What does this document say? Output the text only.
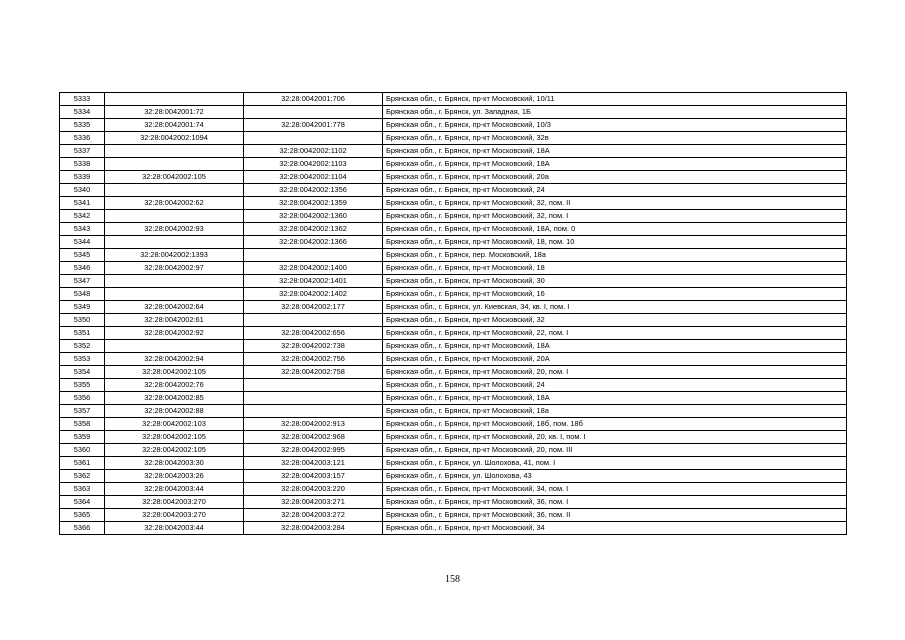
5333		32:28:0042001:706	Брянская обл., г. Брянск, пр-кт Московский, 10/11
5334	32:28:0042001:72		Брянская обл., г. Брянск, ул. Западная, 1Б
5335	32:28:0042001:74	32:28:0042001:778	Брянская обл., г. Брянск, пр-кт Московский, 10/3
5336	32:28:0042002:1094		Брянская обл., г. Брянск, пр-кт Московский, 32в
5337		32:28:0042002:1102	Брянская обл., г. Брянск, пр-кт Московский, 18А
5338		32:28:0042002:1103	Брянская обл., г. Брянск, пр-кт Московский, 18А
5339	32:28:0042002:105	32:28:0042002:1104	Брянская обл., г. Брянск, пр-кт Московский, 20а
5340		32:28:0042002:1356	Брянская обл., г. Брянск, пр-кт Московский, 24
5341	32:28:0042002:62	32:28:0042002:1359	Брянская обл., г. Брянск, пр-кт Московский, 32, пом. II
5342		32:28:0042002:1360	Брянская обл., г. Брянск, пр-кт Московский, 32, пом. I
5343	32:28:0042002:93	32:28:0042002:1362	Брянская обл., г. Брянск, пр-кт Московский, 18А, пом. 0
5344		32:28:0042002:1366	Брянская обл., г. Брянск, пр-кт Московский, 18, пом. 10
5345	32:28:0042002:1393		Брянская обл., г. Брянск, пер. Московский, 18а
5346	32:28:0042002:97	32:28:0042002:1400	Брянская обл., г. Брянск, пр-кт Московский, 18
5347		32:28:0042002:1401	Брянская обл., г. Брянск, пр-кт Московский, 30
5348		32:28:0042002:1402	Брянская обл., г. Брянск, пр-кт Московский, 16
5349	32:28:0042002:64	32:28:0042002:177	Брянская обл., г. Брянск, ул. Киевская, 34, кв. I, пом. I
5350	32:28:0042002:61		Брянская обл., г. Брянск, пр-кт Московский, 32
5351	32:28:0042002:92	32:28:0042002:656	Брянская обл., г. Брянск, пр-кт Московский, 22, пом. I
5352		32:28:0042002:738	Брянская обл., г. Брянск, пр-кт Московский, 18А
5353	32:28:0042002:94	32:28:0042002:756	Брянская обл., г. Брянск, пр-кт Московский, 20А
5354	32:28:0042002:105	32:28:0042002:758	Брянская обл., г. Брянск, пр-кт Московский, 20, пом. I
5355	32:28:0042002:76		Брянская обл., г. Брянск, пр-кт Московский, 24
5356	32:28:0042002:85		Брянская обл., г. Брянск, пр-кт Московский, 18А
5357	32:28:0042002:88		Брянская обл., г. Брянск, пр-кт Московский, 18а
5358	32:28:0042002:103	32:28:0042002:913	Брянская обл., г. Брянск, пр-кт Московский, 18б, пом. 18б
5359	32:28:0042002:105	32:28:0042002:968	Брянская обл., г. Брянск, пр-кт Московский, 20, кв. I, пом. I
5360	32:28:0042002:105	32:28:0042002:995	Брянская обл., г. Брянск, пр-кт Московский, 20, пом. III
5361	32:28:0042003:30	32:28:0042003:121	Брянская обл., г. Брянск, ул. Шолохова, 41, пом. I
5362	32:28:0042003:26	32:28:0042003:157	Брянская обл., г. Брянск, ул. Шолохова, 43
5363	32:28:0042003:44	32:28:0042003:220	Брянская обл., г. Брянск, пр-кт Московский, 34, пом. I
5364	32:28:0042003:270	32:28:0042003:271	Брянская обл., г. Брянск, пр-кт Московский, 36, пом. I
5365	32:28:0042003:270	32:28:0042003:272	Брянская обл., г. Брянск, пр-кт Московский, 36, пом. II
5366	32:28:0042003:44	32:28:0042003:284	Брянская обл., г. Брянск, пр-кт Московский, 34
158
